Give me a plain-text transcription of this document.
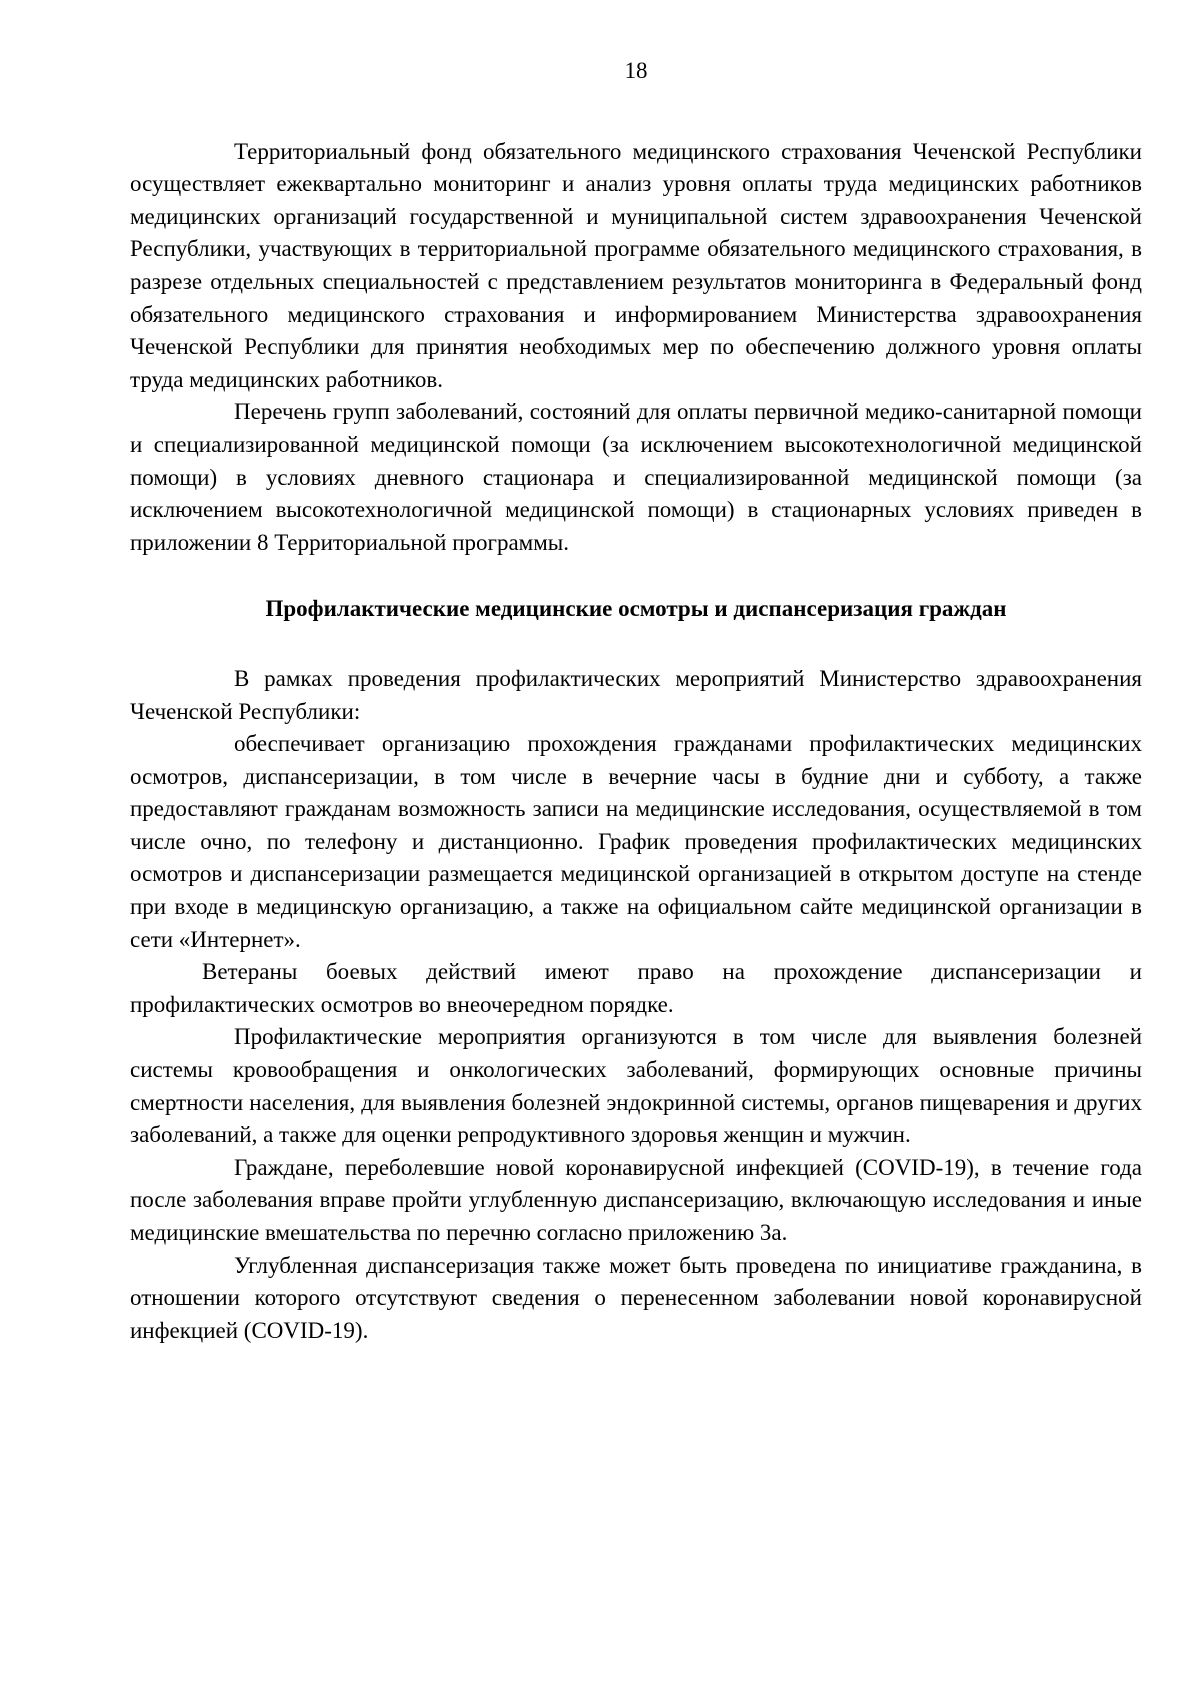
18

Территориальный фонд обязательного медицинского страхования Чеченской Республики осуществляет ежеквартально мониторинг и анализ уровня оплаты труда медицинских работников медицинских организаций государственной и муниципальной систем здравоохранения Чеченской Республики, участвующих в территориальной программе обязательного медицинского страхования, в разрезе отдельных специальностей с представлением результатов мониторинга в Федеральный фонд обязательного медицинского страхования и информированием Министерства здравоохранения Чеченской Республики для принятия необходимых мер по обеспечению должного уровня оплаты труда медицинских работников.

Перечень групп заболеваний, состояний для оплаты первичной медико-санитарной помощи и специализированной медицинской помощи (за исключением высокотехнологичной медицинской помощи) в условиях дневного стационара и специализированной медицинской помощи (за исключением высокотехнологичной медицинской помощи) в стационарных условиях приведен в приложении 8 Территориальной программы.

Профилактические медицинские осмотры и диспансеризация граждан

В рамках проведения профилактических мероприятий Министерство здравоохранения Чеченской Республики:

обеспечивает организацию прохождения гражданами профилактических медицинских осмотров, диспансеризации, в том числе в вечерние часы в будние дни и субботу, а также предоставляют гражданам возможность записи на медицинские исследования, осуществляемой в том числе очно, по телефону и дистанционно. График проведения профилактических медицинских осмотров и диспансеризации размещается медицинской организацией в открытом доступе на стенде при входе в медицинскую организацию, а также на официальном сайте медицинской организации в сети «Интернет».

Ветераны боевых действий имеют право на прохождение диспансеризации и профилактических осмотров во внеочередном порядке.

Профилактические мероприятия организуются в том числе для выявления болезней системы кровообращения и онкологических заболеваний, формирующих основные причины смертности населения, для выявления болезней эндокринной системы, органов пищеварения и других заболеваний, а также для оценки репродуктивного здоровья женщин и мужчин.

Граждане, переболевшие новой коронавирусной инфекцией (COVID-19), в течение года после заболевания вправе пройти углубленную диспансеризацию, включающую исследования и иные медицинские вмешательства по перечню согласно приложению 3а.

Углубленная диспансеризация также может быть проведена по инициативе гражданина, в отношении которого отсутствуют сведения о перенесенном заболевании новой коронавирусной инфекцией (COVID-19).
